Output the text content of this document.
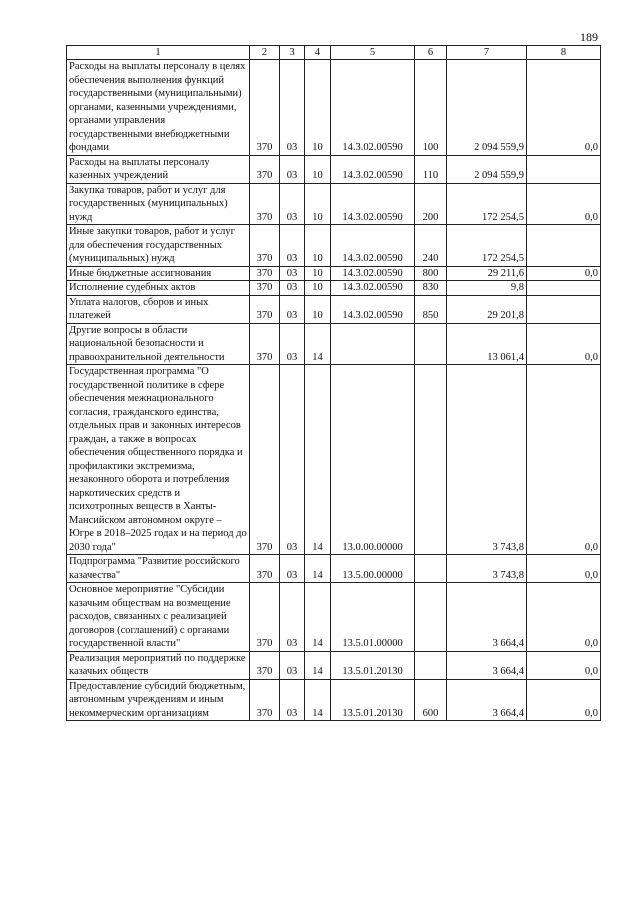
189
1	2	3	4	5	6	7	8
Расходы на выплаты персоналу в целях обеспечения выполнения функций государственными (муниципальными) органами, казенными учреждениями, органами управления государственными внебюджетными фондами	370	03	10	14.3.02.00590	100	2 094 559,9	0,0
Расходы на выплаты персоналу казенных учреждений	370	03	10	14.3.02.00590	110	2 094 559,9	
Закупка товаров, работ и услуг для государственных (муниципальных) нужд	370	03	10	14.3.02.00590	200	172 254,5	0,0
Иные закупки товаров, работ и услуг для обеспечения государственных (муниципальных) нужд	370	03	10	14.3.02.00590	240	172 254,5	
Иные бюджетные ассигнования	370	03	10	14.3.02.00590	800	29 211,6	0,0
Исполнение судебных актов	370	03	10	14.3.02.00590	830	9,8	
Уплата налогов, сборов и иных платежей	370	03	10	14.3.02.00590	850	29 201,8	
Другие вопросы в области национальной безопасности и правоохранительной деятельности	370	03	14			13 061,4	0,0
Государственная программа "О государственной политике в сфере обеспечения межнационального согласия, гражданского единства, отдельных прав и законных интересов граждан, а также в вопросах обеспечения общественного порядка и профилактики экстремизма, незаконного оборота и потребления наркотических средств и психотропных веществ в Ханты-Мансийском автономном округе – Югре в 2018–2025 годах и на период до 2030 года"	370	03	14	13.0.00.00000		3 743,8	0,0
Подпрограмма "Развитие российского казачества"	370	03	14	13.5.00.00000		3 743,8	0,0
Основное мероприятие "Субсидии казачьим обществам на возмещение расходов, связанных с реализацией договоров (соглашений) с органами государственной власти"	370	03	14	13.5.01.00000		3 664,4	0,0
Реализация мероприятий по поддержке казачьих обществ	370	03	14	13.5.01.20130		3 664,4	0,0
Предоставление субсидий бюджетным, автономным учреждениям и иным некоммерческим организациям	370	03	14	13.5.01.20130	600	3 664,4	0,0
